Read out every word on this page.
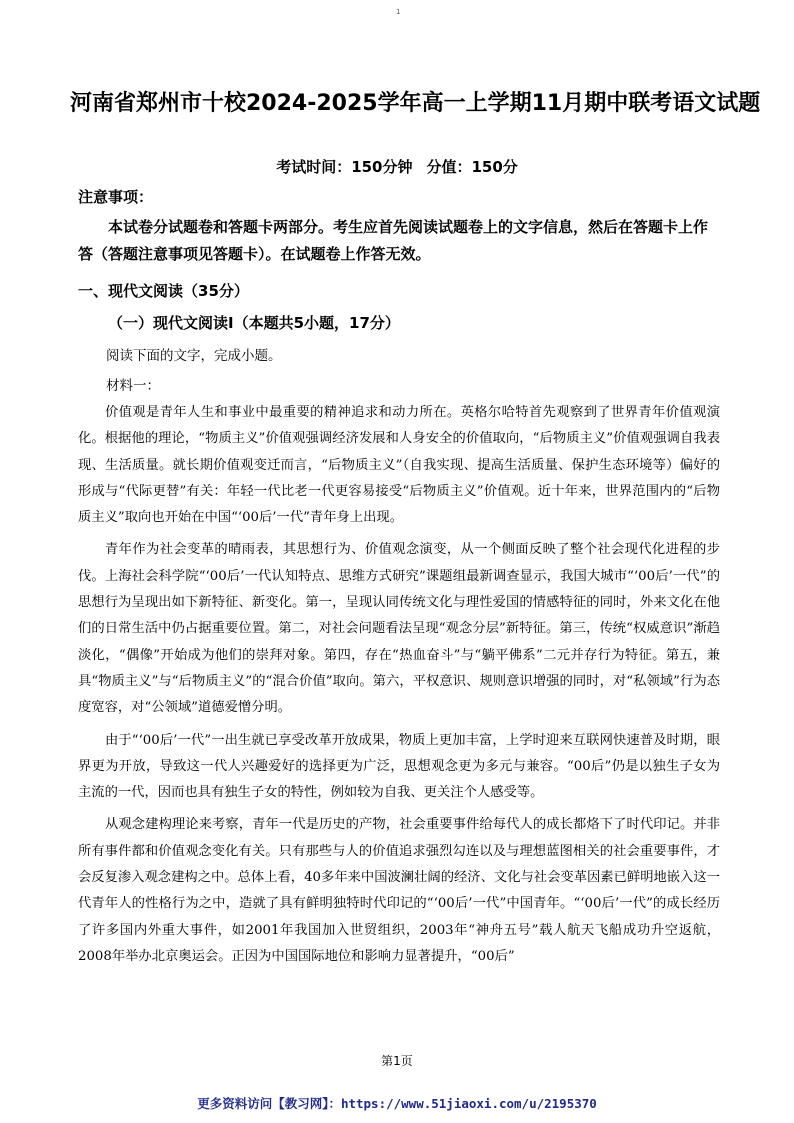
1
河南省郑州市十校2024-2025学年高一上学期11月期中联考语文试题
考试时间：150分钟 分值：150分
注意事项：
本试卷分试题卷和答题卡两部分。考生应首先阅读试题卷上的文字信息，然后在答题卡上作答（答题注意事项见答题卡）。在试题卷上作答无效。
一、现代文阅读（35分）
（一）现代文阅读Ⅰ（本题共5小题，17分）
阅读下面的文字，完成小题。
材料一：

价值观是青年人生和事业中最重要的精神追求和动力所在。英格尔哈特首先观察到了世界青年价值观演化。根据他的理论，“物质主义”价值观强调经济发展和人身安全的价值取向，“后物质主义”价值观强调自我表现、生活质量。就长期价值观变迁而言，“后物质主义”（自我实现、提高生活质量、保护生态环境等）偏好的形成与“代际更替”有关：年轻一代比老一代更容易接受“后物质主义”价值观。近十年来，世界范围内的“后物质主义”取向也开始在中国“‘00后’一代”青年身上出现。

青年作为社会变革的晴雨表，其思想行为、价值观念演变，从一个侧面反映了整个社会现代化进程的步伐。上海社会科学院“‘00后’一代认知特点、思维方式研究”课题组最新调查显示，我国大城市“‘00后’一代”的思想行为呈现出如下新特征、新变化。第一，呈现认同传统文化与理性爱国的情感特征的同时，外来文化在他们的日常生活中仍占据重要位置。第二，对社会问题看法呈现“观念分层”新特征。第三，传统“权威意识”渐趋淡化，“偶像”开始成为他们的崇拜对象。第四，存在“热血奋斗”与“躺平佛系”二元并存行为特征。第五，兼具“物质主义”与“后物质主义”的“混合价值”取向。第六，平权意识、规则意识增强的同时，对“私领域”行为态度宽容，对“公领域”道德爱憎分明。

由于“‘00后’一代”一出生就已享受改革开放成果，物质上更加丰富，上学时迎来互联网快速普及时期，眼界更为开放，导致这一代人兴趣爱好的选择更为广泛，思想观念更为多元与兼容。“00后”仍是以独生子女为主流的一代，因而也具有独生子女的特性，例如较为自我、更关注个人感受等。

从观念建构理论来考察，青年一代是历史的产物，社会重要事件给每代人的成长都烙下了时代印记。并非所有事件都和价值观念变化有关。只有那些与人的价值追求强烈勾连以及与理想蓝图相关的社会重要事件，才会反复渗入观念建构之中。总体上看，40多年来中国波澜壮阔的经济、文化与社会变革因素已鲜明地嵌入这一代青年人的性格行为之中，造就了具有鲜明独特时代印记的“‘00后’一代”中国青年。“‘00后’一代”的成长经历了许多国内外重大事件，如2001年我国加入世贸组织，2003年“神舟五号”载人航天飞船成功升空返航，2008年举办北京奥运会。正因为中国国际地位和影响力显著提升，“00后”

第1页
更多资料访问【教习网】：https://www.51jiaoxi.com/u/2195370
